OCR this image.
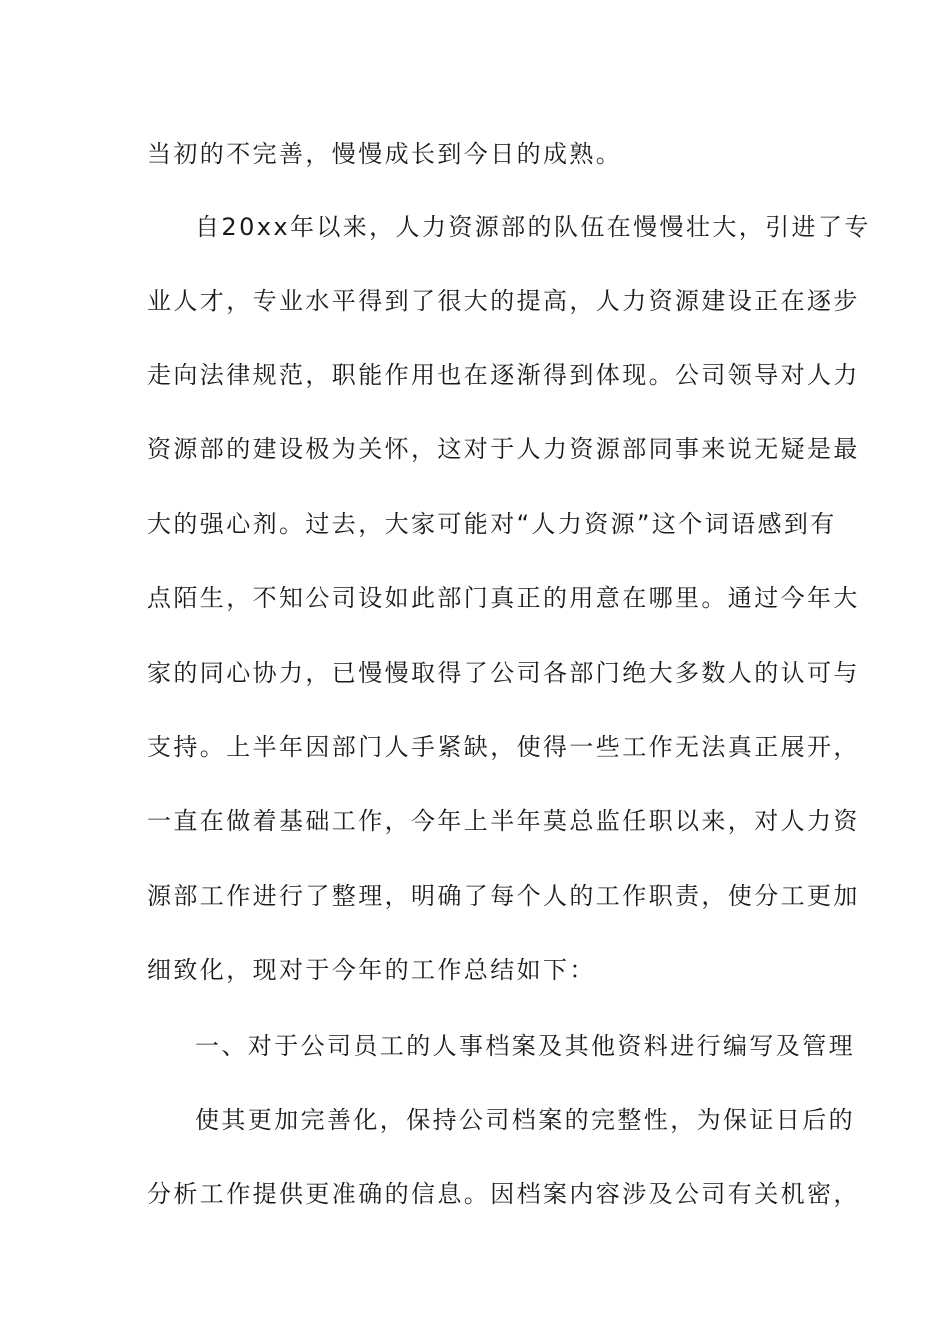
当初的不完善，慢慢成长到今日的成熟。
自20xx年以来，人力资源部的队伍在慢慢壮大，引进了专
业人才，专业水平得到了很大的提高，人力资源建设正在逐步
走向法律规范，职能作用也在逐渐得到体现。公司领导对人力
资源部的建设极为关怀，这对于人力资源部同事来说无疑是最
大的强心剂。过去，大家可能对“人力资源”这个词语感到有
点陌生，不知公司设如此部门真正的用意在哪里。通过今年大
家的同心协力，已慢慢取得了公司各部门绝大多数人的认可与
支持。上半年因部门人手紧缺，使得一些工作无法真正展开，
一直在做着基础工作，今年上半年莫总监任职以来，对人力资
源部工作进行了整理，明确了每个人的工作职责，使分工更加
细致化，现对于今年的工作总结如下：
一、对于公司员工的人事档案及其他资料进行编写及管理
使其更加完善化，保持公司档案的完整性，为保证日后的
分析工作提供更准确的信息。因档案内容涉及公司有关机密，
